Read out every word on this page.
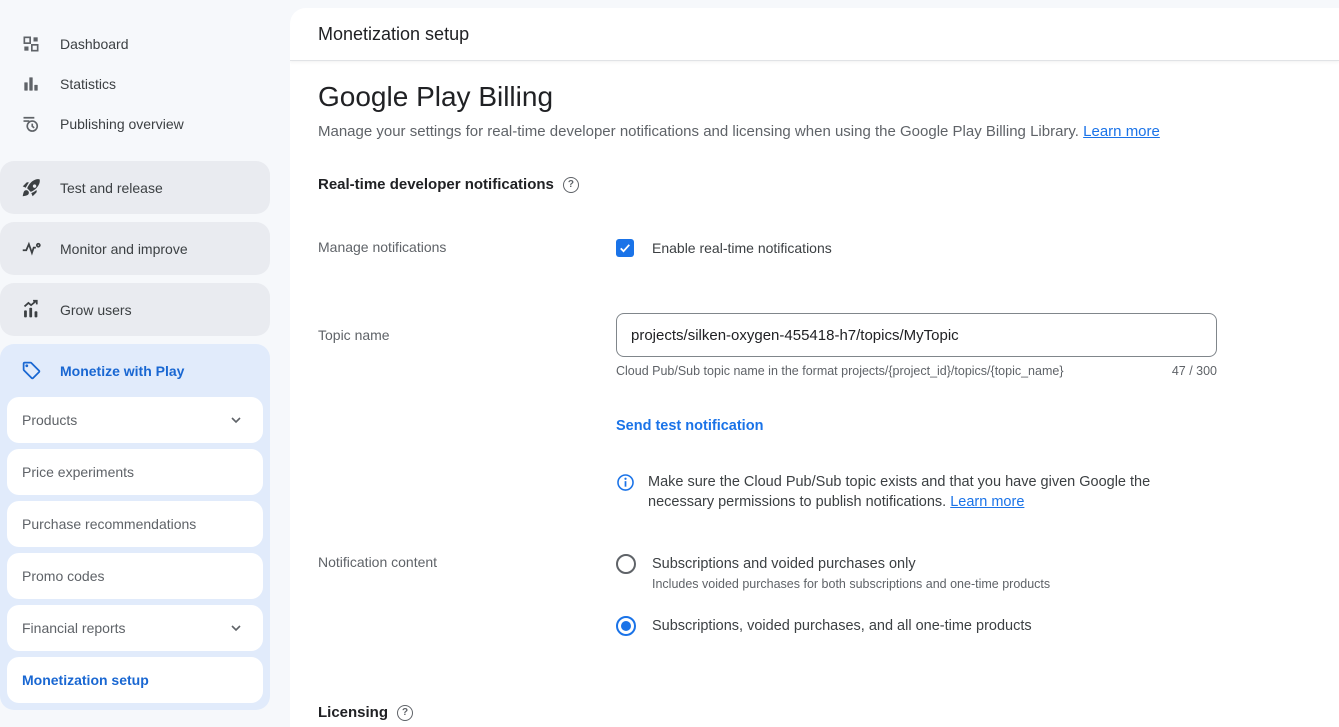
Dashboard
Statistics
Publishing overview
Test and release
Monitor and improve
Grow users
Monetize with Play
Products
Price experiments
Purchase recommendations
Promo codes
Financial reports
Monetization setup
Monetization setup
Google Play Billing

Manage your settings for real-time developer notifications and licensing when using the Google Play Billing Library. Learn more

Real-time developer notifications	?
Manage notifications	Enable real-time notifications
Topic name
projects/silken-oxygen-455418-h7/topics/MyTopic
Cloud Pub/Sub topic name in the format projects/{project_id}/topics/{topic_name}	47 / 300
Send test notification
Make sure the Cloud Pub/Sub topic exists and that you have given Google the necessary permissions to publish notifications. Learn more
Notification content	Subscriptions and voided purchases only
Includes voided purchases for both subscriptions and one-time products
Subscriptions, voided purchases, and all one-time products
Licensing	?
